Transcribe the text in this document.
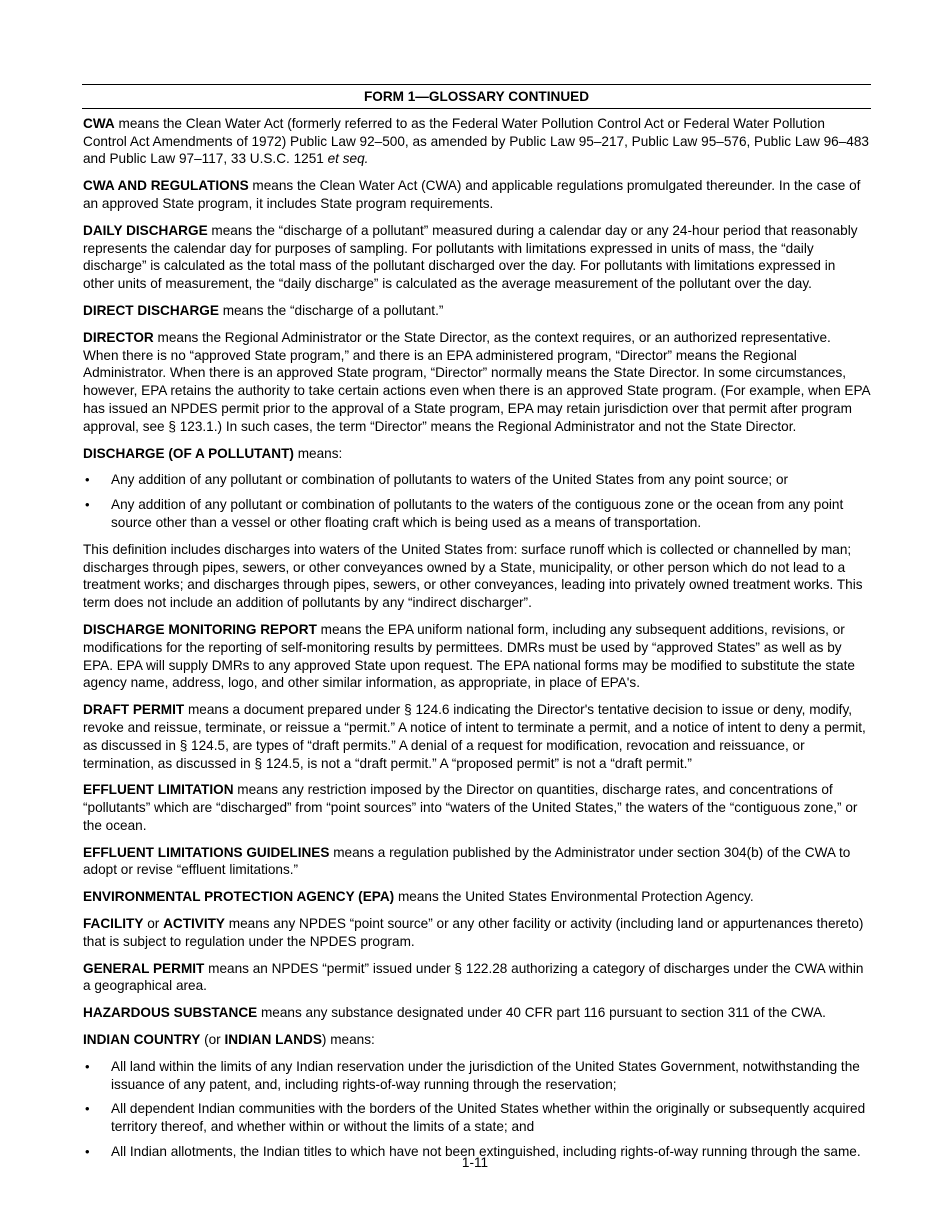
FORM 1—GLOSSARY CONTINUED

CWA means the Clean Water Act (formerly referred to as the Federal Water Pollution Control Act or Federal Water Pollution Control Act Amendments of 1972) Public Law 92–500, as amended by Public Law 95–217, Public Law 95–576, Public Law 96–483 and Public Law 97–117, 33 U.S.C. 1251 et seq.

CWA AND REGULATIONS means the Clean Water Act (CWA) and applicable regulations promulgated thereunder. In the case of an approved State program, it includes State program requirements.

DAILY DISCHARGE means the “discharge of a pollutant” measured during a calendar day or any 24-hour period that reasonably represents the calendar day for purposes of sampling. For pollutants with limitations expressed in units of mass, the “daily discharge” is calculated as the total mass of the pollutant discharged over the day. For pollutants with limitations expressed in other units of measurement, the “daily discharge” is calculated as the average measurement of the pollutant over the day.

DIRECT DISCHARGE means the “discharge of a pollutant.”

DIRECTOR means the Regional Administrator or the State Director, as the context requires, or an authorized representative. When there is no “approved State program,” and there is an EPA administered program, “Director” means the Regional Administrator. When there is an approved State program, “Director” normally means the State Director. In some circumstances, however, EPA retains the authority to take certain actions even when there is an approved State program. (For example, when EPA has issued an NPDES permit prior to the approval of a State program, EPA may retain jurisdiction over that permit after program approval, see § 123.1.) In such cases, the term “Director” means the Regional Administrator and not the State Director.

DISCHARGE (OF A POLLUTANT) means:

• Any addition of any pollutant or combination of pollutants to waters of the United States from any point source; or
• Any addition of any pollutant or combination of pollutants to the waters of the contiguous zone or the ocean from any point source other than a vessel or other floating craft which is being used as a means of transportation.

This definition includes discharges into waters of the United States from: surface runoff which is collected or channelled by man; discharges through pipes, sewers, or other conveyances owned by a State, municipality, or other person which do not lead to a treatment works; and discharges through pipes, sewers, or other conveyances, leading into privately owned treatment works. This term does not include an addition of pollutants by any “indirect discharger”.

DISCHARGE MONITORING REPORT means the EPA uniform national form, including any subsequent additions, revisions, or modifications for the reporting of self-monitoring results by permittees. DMRs must be used by “approved States” as well as by EPA. EPA will supply DMRs to any approved State upon request. The EPA national forms may be modified to substitute the state agency name, address, logo, and other similar information, as appropriate, in place of EPA's.

DRAFT PERMIT means a document prepared under § 124.6 indicating the Director's tentative decision to issue or deny, modify, revoke and reissue, terminate, or reissue a “permit.” A notice of intent to terminate a permit, and a notice of intent to deny a permit, as discussed in § 124.5, are types of “draft permits.” A denial of a request for modification, revocation and reissuance, or termination, as discussed in § 124.5, is not a “draft permit.” A “proposed permit” is not a “draft permit.”

EFFLUENT LIMITATION means any restriction imposed by the Director on quantities, discharge rates, and concentrations of “pollutants” which are “discharged” from “point sources” into “waters of the United States,” the waters of the “contiguous zone,” or the ocean.

EFFLUENT LIMITATIONS GUIDELINES means a regulation published by the Administrator under section 304(b) of the CWA to adopt or revise “effluent limitations.”

ENVIRONMENTAL PROTECTION AGENCY (EPA) means the United States Environmental Protection Agency.

FACILITY or ACTIVITY means any NPDES “point source” or any other facility or activity (including land or appurtenances thereto) that is subject to regulation under the NPDES program.

GENERAL PERMIT means an NPDES “permit” issued under § 122.28 authorizing a category of discharges under the CWA within a geographical area.

HAZARDOUS SUBSTANCE means any substance designated under 40 CFR part 116 pursuant to section 311 of the CWA.

INDIAN COUNTRY (or INDIAN LANDS) means:

• All land within the limits of any Indian reservation under the jurisdiction of the United States Government, notwithstanding the issuance of any patent, and, including rights-of-way running through the reservation;
• All dependent Indian communities with the borders of the United States whether within the originally or subsequently acquired territory thereof, and whether within or without the limits of a state; and
• All Indian allotments, the Indian titles to which have not been extinguished, including rights-of-way running through the same.
1-11
